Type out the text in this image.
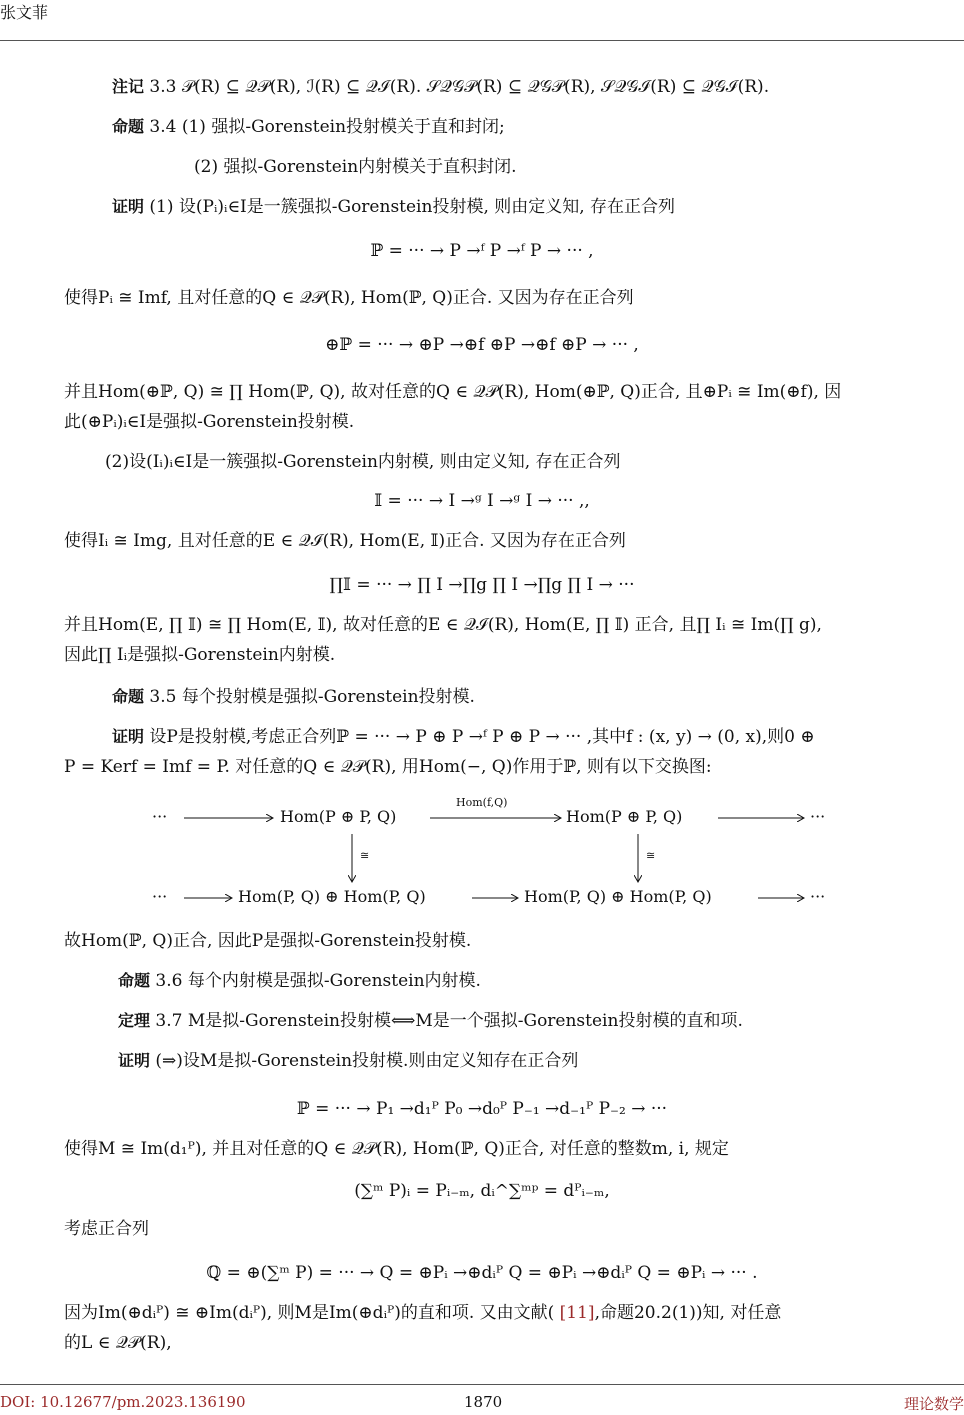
张文菲
注记 3.3 𝒫(R) ⊆ 𝒬𝒫(R), ℐ(R) ⊆ 𝒬ℐ(R). 𝒮𝒬𝒢𝒫(R) ⊆ 𝒬𝒢𝒫(R), 𝒮𝒬𝒢ℐ(R) ⊆ 𝒬𝒢ℐ(R).
命题 3.4 (1) 强拟-Gorenstein投射模关于直和封闭;
(2) 强拟-Gorenstein内射模关于直积封闭.
证明 (1) 设(Pᵢ)ᵢ∈I是一簇强拟-Gorenstein投射模, 则由定义知, 存在正合列
ℙ = ··· → P →ᶠ P →ᶠ P → ··· ,
使得Pᵢ ≅ Imf, 且对任意的Q ∈ 𝒬𝒫(R), Hom(ℙ, Q)正合. 又因为存在正合列
⊕ℙ = ··· → ⊕P →⊕f ⊕P →⊕f ⊕P → ··· ,
并且Hom(⊕ℙ, Q) ≅ ∏ Hom(ℙ, Q), 故对任意的Q ∈ 𝒬𝒫(R), Hom(⊕ℙ, Q)正合, 且⊕Pᵢ ≅ Im(⊕f), 因
此(⊕Pᵢ)ᵢ∈I是强拟-Gorenstein投射模.
(2)设(Iᵢ)ᵢ∈I是一簇强拟-Gorenstein内射模, 则由定义知, 存在正合列
𝕀 = ··· → I →ᵍ I →ᵍ I → ··· ,,
使得Iᵢ ≅ Img, 且对任意的E ∈ 𝒬ℐ(R), Hom(E, 𝕀)正合. 又因为存在正合列
∏𝕀 = ··· → ∏ I →∏g ∏ I →∏g ∏ I → ···
并且Hom(E, ∏ 𝕀) ≅ ∏ Hom(E, 𝕀), 故对任意的E ∈ 𝒬ℐ(R), Hom(E, ∏ 𝕀) 正合, 且∏ Iᵢ ≅ Im(∏ g),
因此∏ Iᵢ是强拟-Gorenstein内射模.
命题 3.5 每个投射模是强拟-Gorenstein投射模.
证明 设P是投射模,考虑正合列ℙ = ··· → P ⊕ P →ᶠ P ⊕ P → ··· ,其中f : (x, y) → (0, x),则0 ⊕
P = Kerf = Imf = P. 对任意的Q ∈ 𝒬𝒫(R), 用Hom(−, Q)作用于ℙ, 则有以下交换图:
···	Hom(P ⊕ P, Q)
Hom(f,Q)
Hom(P ⊕ P, Q)	···
≅	≅
···	Hom(P, Q) ⊕ Hom(P, Q)	Hom(P, Q) ⊕ Hom(P, Q)	···
故Hom(ℙ, Q)正合, 因此P是强拟-Gorenstein投射模.
命题 3.6 每个内射模是强拟-Gorenstein内射模.
定理 3.7 M是拟-Gorenstein投射模⟺M是一个强拟-Gorenstein投射模的直和项.
证明 (⇒)设M是拟-Gorenstein投射模.则由定义知存在正合列
ℙ = ··· → P₁ →d₁ᴾ P₀ →d₀ᴾ P₋₁ →d₋₁ᴾ P₋₂ → ···
使得M ≅ Im(d₁ᴾ), 并且对任意的Q ∈ 𝒬𝒫(R), Hom(ℙ, Q)正合, 对任意的整数m, i, 规定
(∑ᵐ P)ᵢ = Pᵢ₋ₘ, dᵢ^∑ᵐᵖ = dᴾᵢ₋ₘ,
考虑正合列
ℚ = ⊕(∑ᵐ P) = ··· → Q = ⊕Pᵢ →⊕dᵢᴾ Q = ⊕Pᵢ →⊕dᵢᴾ Q = ⊕Pᵢ → ··· .
因为Im(⊕dᵢᴾ) ≅ ⊕Im(dᵢᴾ), 则M是Im(⊕dᵢᴾ)的直和项. 又由文献( [11],命题20.2(1))知, 对任意
的L ∈ 𝒬𝒫(R),
DOI: 10.12677/pm.2023.136190	1870	理论数学
